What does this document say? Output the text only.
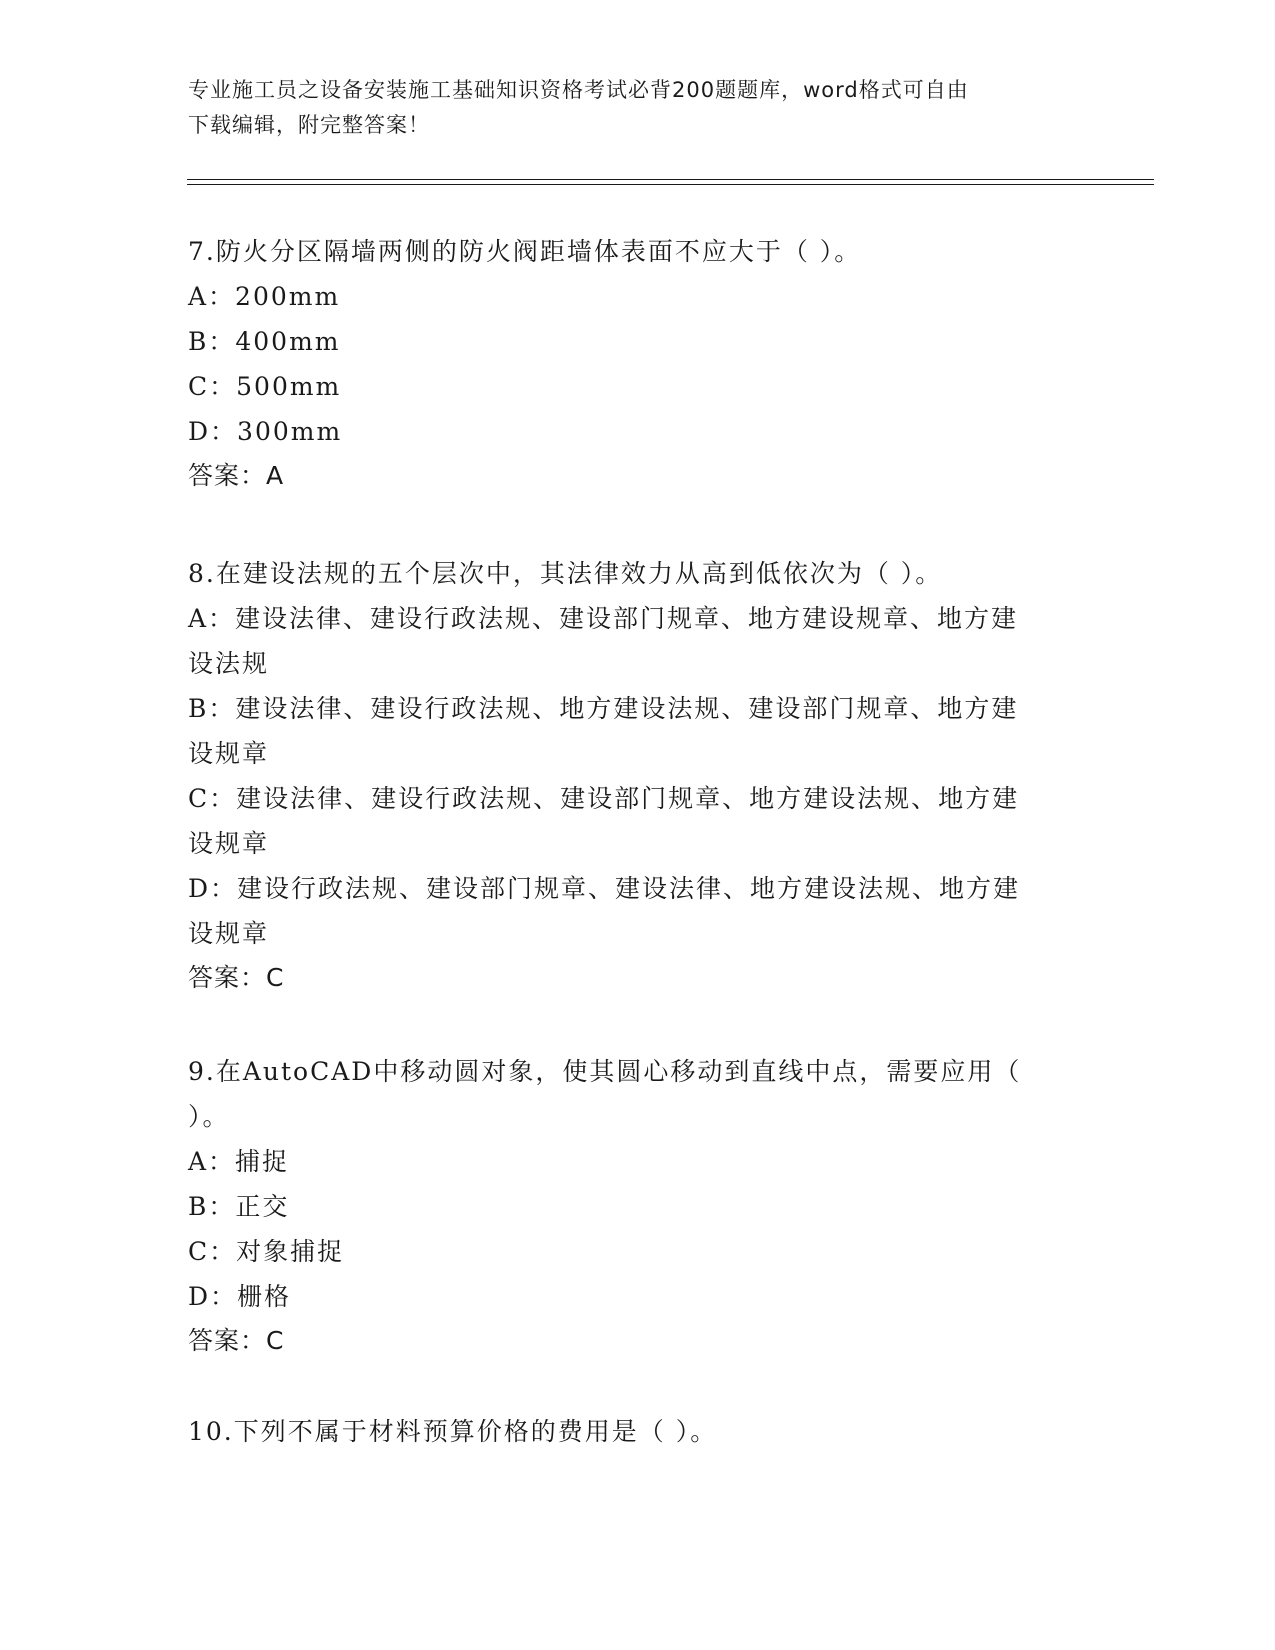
专业施工员之设备安装施工基础知识资格考试必背200题题库，word格式可自由
下载编辑，附完整答案！
7.防火分区隔墙两侧的防火阀距墙体表面不应大于（ ）。
A：200mm
B：400mm
C：500mm
D：300mm
答案：A
8.在建设法规的五个层次中，其法律效力从高到低依次为（ ）。
A：建设法律、建设行政法规、建设部门规章、地方建设规章、地方建
设法规
B：建设法律、建设行政法规、地方建设法规、建设部门规章、地方建
设规章
C：建设法律、建设行政法规、建设部门规章、地方建设法规、地方建
设规章
D：建设行政法规、建设部门规章、建设法律、地方建设法规、地方建
设规章
答案：C
9.在AutoCAD中移动圆对象，使其圆心移动到直线中点，需要应用（
）。
A：捕捉
B：正交
C：对象捕捉
D：栅格
答案：C
10.下列不属于材料预算价格的费用是（ ）。
